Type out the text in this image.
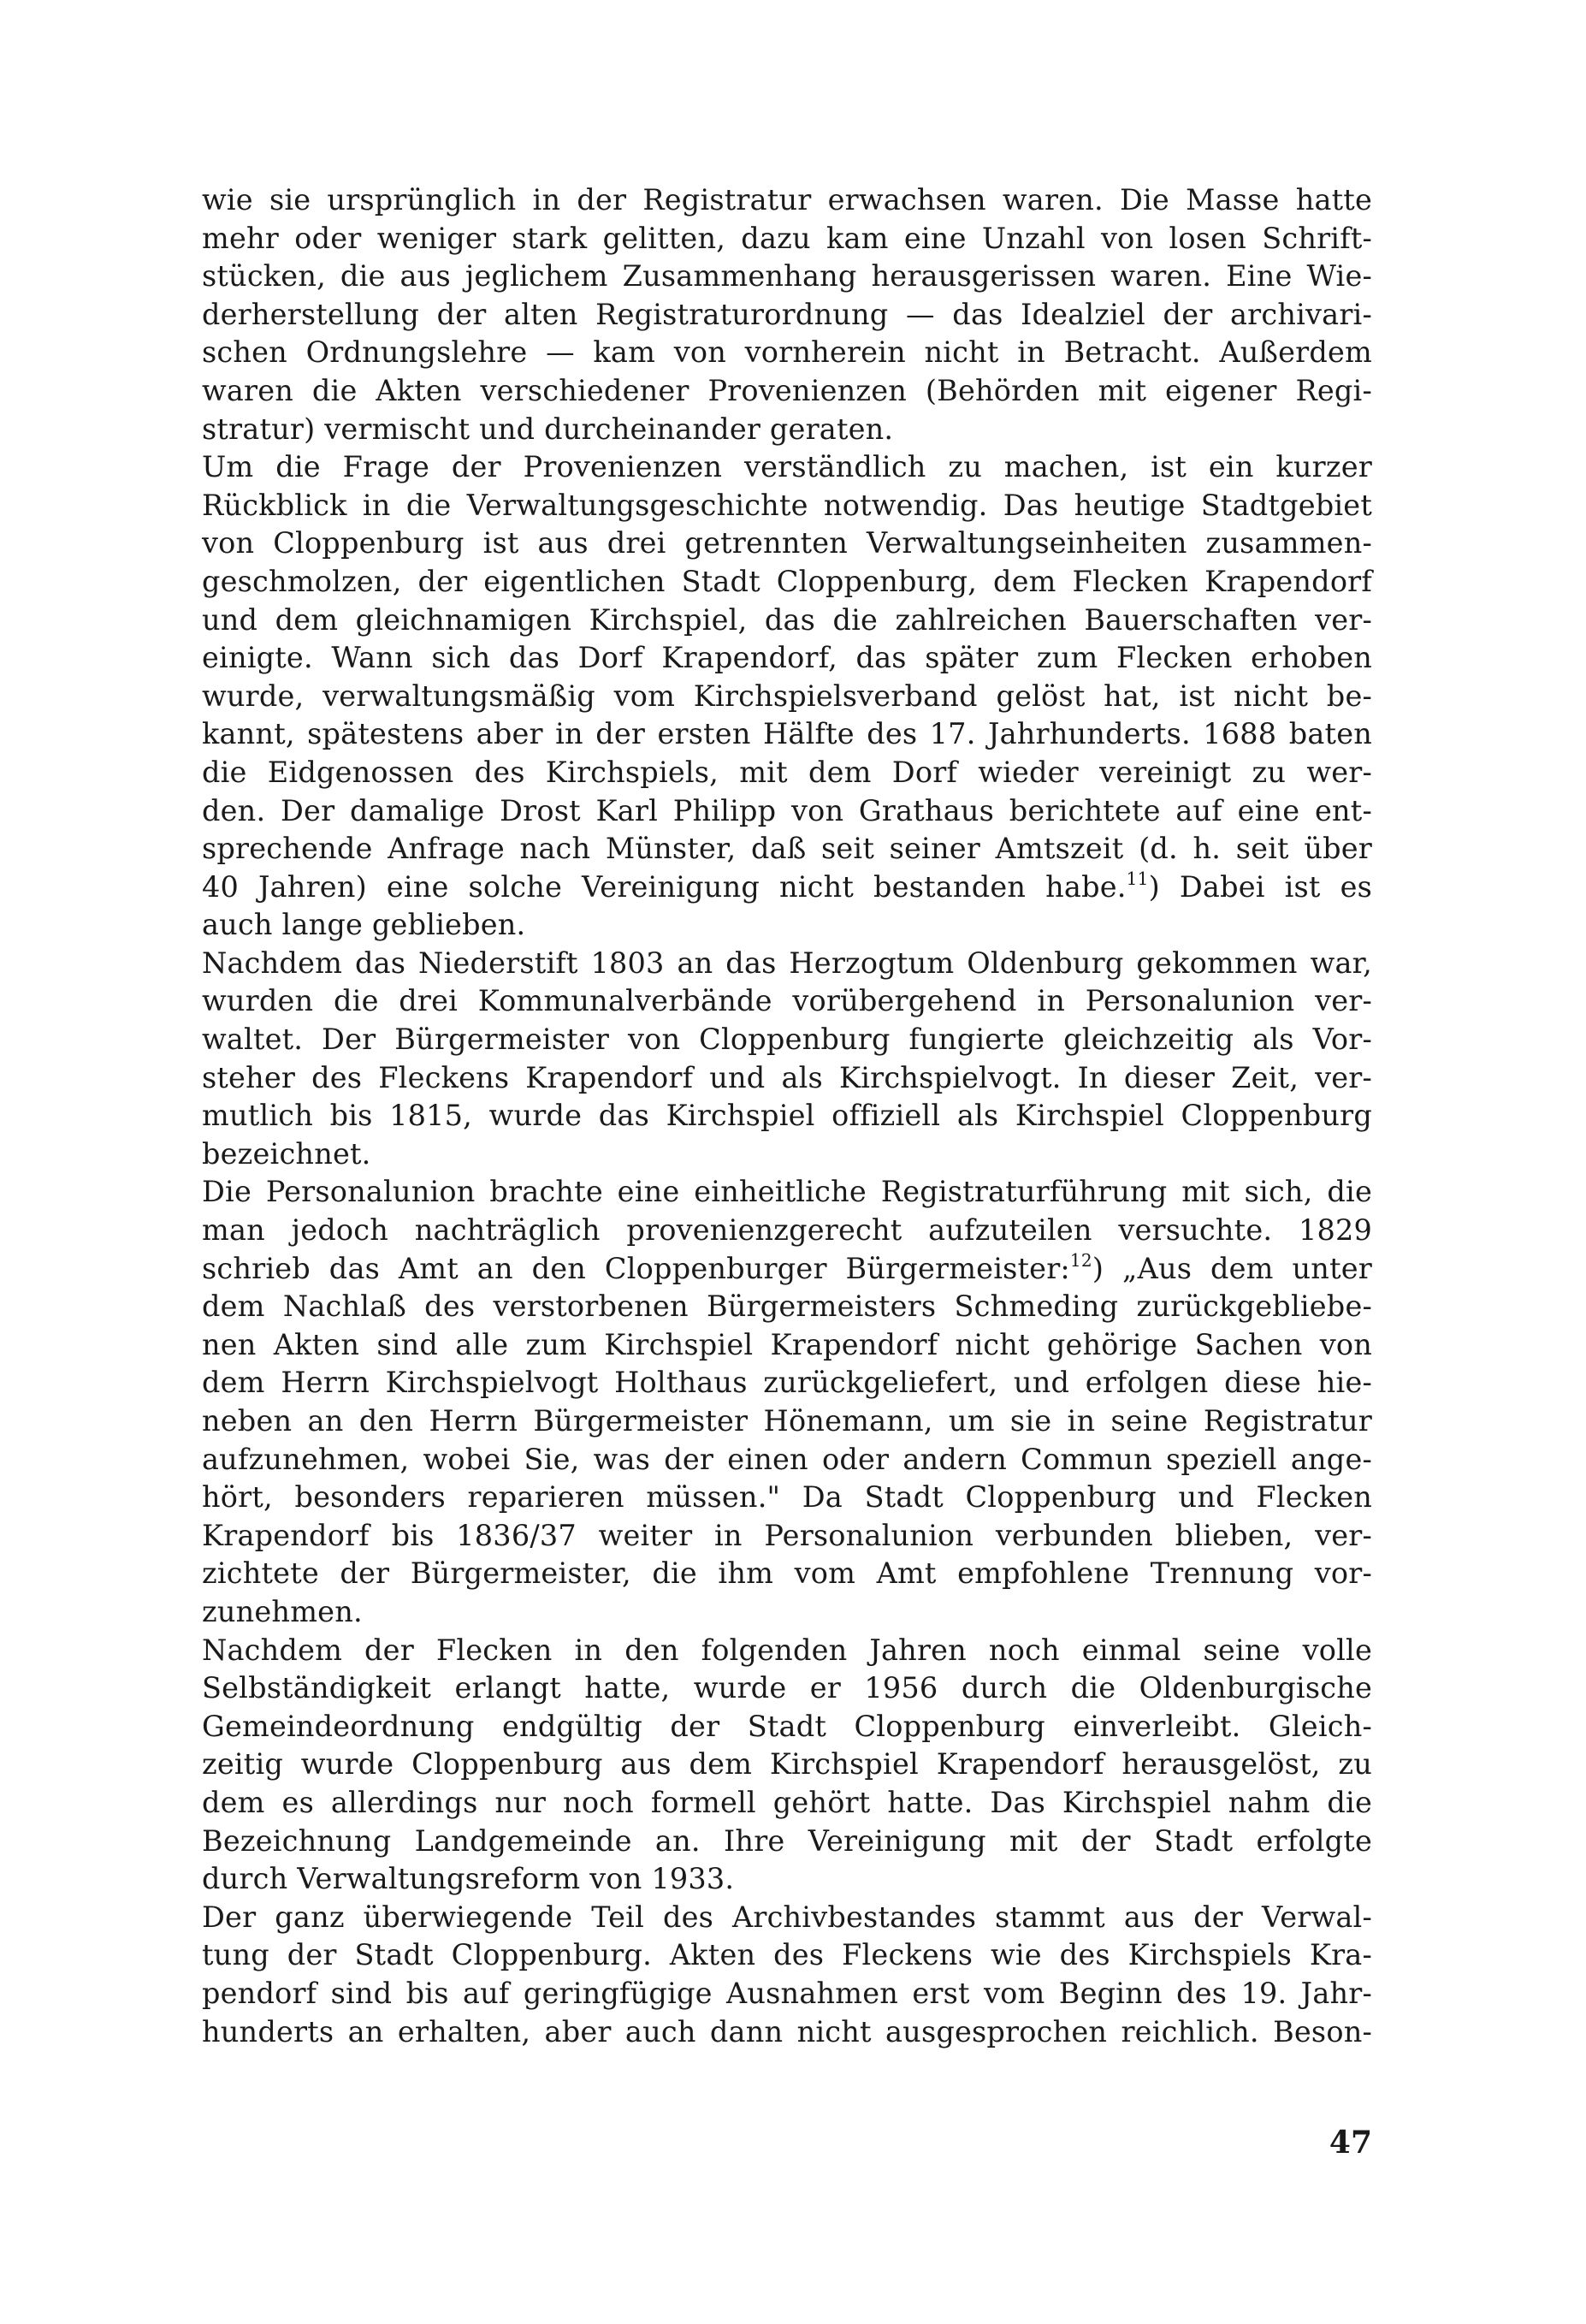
wie sie ursprünglich in der Registratur erwachsen waren. Die Masse hatte
mehr oder weniger stark gelitten, dazu kam eine Unzahl von losen Schrift-
stücken, die aus jeglichem Zusammenhang herausgerissen waren. Eine Wie-
derherstellung der alten Registraturordnung — das Idealziel der archivari-
schen Ordnungslehre — kam von vornherein nicht in Betracht. Außerdem
waren die Akten verschiedener Provenienzen (Behörden mit eigener Regi-
stratur) vermischt und durcheinander geraten.
Um die Frage der Provenienzen verständlich zu machen, ist ein kurzer
Rückblick in die Verwaltungsgeschichte notwendig. Das heutige Stadtgebiet
von Cloppenburg ist aus drei getrennten Verwaltungseinheiten zusammen-
geschmolzen, der eigentlichen Stadt Cloppenburg, dem Flecken Krapendorf
und dem gleichnamigen Kirchspiel, das die zahlreichen Bauerschaften ver-
einigte. Wann sich das Dorf Krapendorf, das später zum Flecken erhoben
wurde, verwaltungsmäßig vom Kirchspielsverband gelöst hat, ist nicht be-
kannt, spätestens aber in der ersten Hälfte des 17. Jahrhunderts. 1688 baten
die Eidgenossen des Kirchspiels, mit dem Dorf wieder vereinigt zu wer-
den. Der damalige Drost Karl Philipp von Grathaus berichtete auf eine ent-
sprechende Anfrage nach Münster, daß seit seiner Amtszeit (d. h. seit über
40 Jahren) eine solche Vereinigung nicht bestanden habe.$^{11}$) Dabei ist es
auch lange geblieben.
Nachdem das Niederstift 1803 an das Herzogtum Oldenburg gekommen war,
wurden die drei Kommunalverbände vorübergehend in Personalunion ver-
waltet. Der Bürgermeister von Cloppenburg fungierte gleichzeitig als Vor-
steher des Fleckens Krapendorf und als Kirchspielvogt. In dieser Zeit, ver-
mutlich bis 1815, wurde das Kirchspiel offiziell als Kirchspiel Cloppenburg
bezeichnet.
Die Personalunion brachte eine einheitliche Registraturführung mit sich, die
man jedoch nachträglich provenienzgerecht aufzuteilen versuchte. 1829
schrieb das Amt an den Cloppenburger Bürgermeister:$^{12}$) „Aus dem unter
dem Nachlaß des verstorbenen Bürgermeisters Schmeding zurückgebliebe-
nen Akten sind alle zum Kirchspiel Krapendorf nicht gehörige Sachen von
dem Herrn Kirchspielvogt Holthaus zurückgeliefert, und erfolgen diese hie-
neben an den Herrn Bürgermeister Hönemann, um sie in seine Registratur
aufzunehmen, wobei Sie, was der einen oder andern Commun speziell ange-
hört, besonders reparieren müssen." Da Stadt Cloppenburg und Flecken
Krapendorf bis 1836/37 weiter in Personalunion verbunden blieben, ver-
zichtete der Bürgermeister, die ihm vom Amt empfohlene Trennung vor-
zunehmen.
Nachdem der Flecken in den folgenden Jahren noch einmal seine volle
Selbständigkeit erlangt hatte, wurde er 1956 durch die Oldenburgische
Gemeindeordnung endgültig der Stadt Cloppenburg einverleibt. Gleich-
zeitig wurde Cloppenburg aus dem Kirchspiel Krapendorf herausgelöst, zu
dem es allerdings nur noch formell gehört hatte. Das Kirchspiel nahm die
Bezeichnung Landgemeinde an. Ihre Vereinigung mit der Stadt erfolgte
durch Verwaltungsreform von 1933.
Der ganz überwiegende Teil des Archivbestandes stammt aus der Verwal-
tung der Stadt Cloppenburg. Akten des Fleckens wie des Kirchspiels Kra-
pendorf sind bis auf geringfügige Ausnahmen erst vom Beginn des 19. Jahr-
hunderts an erhalten, aber auch dann nicht ausgesprochen reichlich. Beson-
47
